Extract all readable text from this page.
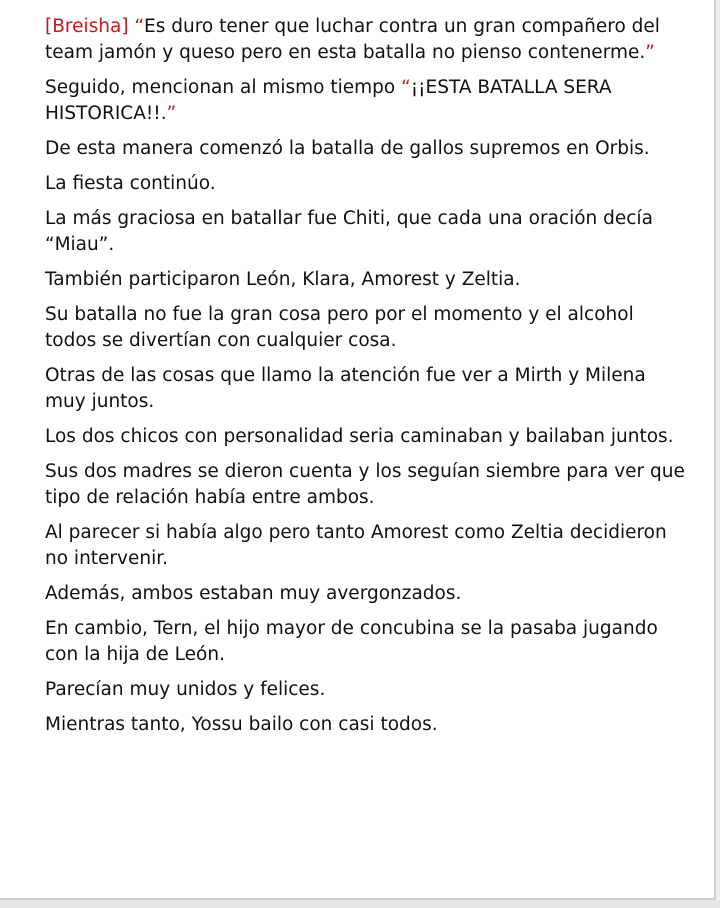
[Breisha] “Es duro tener que luchar contra un gran compañero del team jamón y queso pero en esta batalla no pienso contenerme.”

Seguido, mencionan al mismo tiempo “¡¡ESTA BATALLA SERA HISTORICA!!.”

De esta manera comenzó la batalla de gallos supremos en Orbis.

La fiesta continúo.

La más graciosa en batallar fue Chiti, que cada una oración decía “Miau”.

También participaron León, Klara, Amorest y Zeltia.

Su batalla no fue la gran cosa pero por el momento y el alcohol todos se divertían con cualquier cosa.

Otras de las cosas que llamo la atención fue ver a Mirth y Milena muy juntos.

Los dos chicos con personalidad seria caminaban y bailaban juntos.

Sus dos madres se dieron cuenta y los seguían siembre para ver que tipo de relación había entre ambos.

Al parecer si había algo pero tanto Amorest como Zeltia decidieron no intervenir.

Además, ambos estaban muy avergonzados.

En cambio, Tern, el hijo mayor de concubina se la pasaba jugando con la hija de León.

Parecían muy unidos y felices.

Mientras tanto, Yossu bailo con casi todos.
